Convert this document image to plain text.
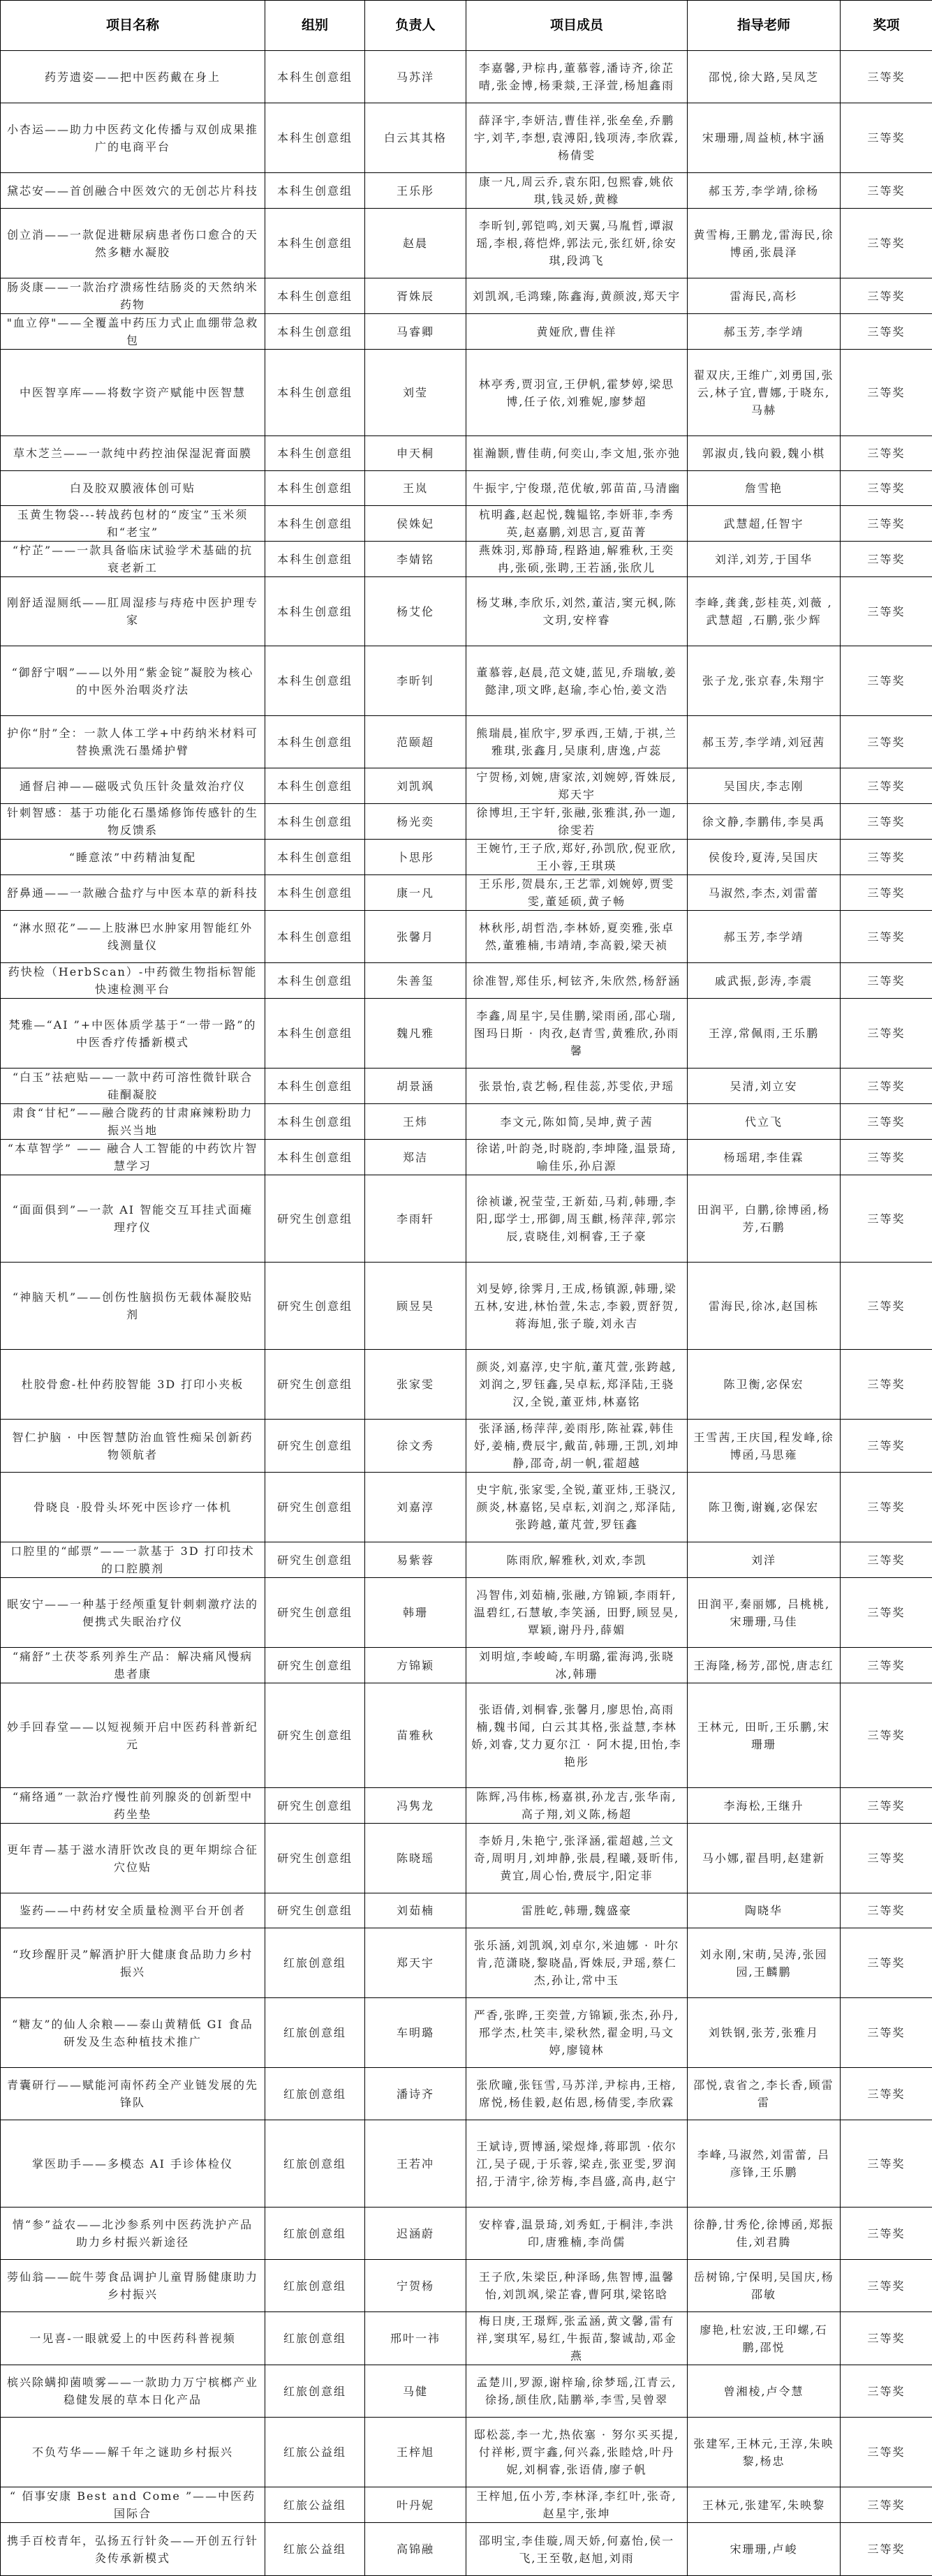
项目名称	组别	负责人	项目成员	指导老师	奖项
药芳遗姿——把中医药戴在身上	本科生创意组	马苏洋	李嘉馨,尹棕冉,董慕蓉,潘诗齐,徐芷晴,张金博,杨秉燚,王泽萱,杨旭鑫雨	邵悦,徐大路,吴凤芝	三等奖
小杏运——助力中医药文化传播与双创成果推广的电商平台	本科生创意组	白云其其格	薛泽宇,李妍洁,曹佳祥,张垒垒,乔鹏宇,刘芊,李想,袁溥阳,钱项涛,李欣霖,杨倩雯	宋珊珊,周益桢,林宇涵	三等奖
黛芯安——首创融合中医效穴的无创芯片科技	本科生创意组	王乐彤	康一凡,周云乔,袁东阳,包熙睿,姚依琪,钱灵娇,黄橼	郝玉芳,李学靖,徐杨	三等奖
创立消——一款促进糖尿病患者伤口愈合的天然多糖水凝胶	本科生创意组	赵晨	李昕钊,郭铠鸣,刘天翼,马胤哲,谭淑瑶,李根,蒋恺烨,郭法元,张红妍,徐安琪,段鸿飞	黄雪梅,王鹏龙,雷海民,徐博函,张晨泽	三等奖
肠炎康——一款治疗溃疡性结肠炎的天然纳米药物	本科生创意组	胥姝辰	刘凯飒,毛鸿臻,陈鑫海,黄颜波,郑天宇	雷海民,高杉	三等奖
"血立停"——全覆盖中药压力式止血绷带急救包	本科生创意组	马睿卿	黄娅欣,曹佳祥	郝玉芳,李学靖	三等奖
中医智享库——将数字资产赋能中医智慧	本科生创意组	刘莹	林亭秀,贾羽宣,王伊帆,霍梦婷,梁思博,任子依,刘雅妮,廖梦超	翟双庆,王维广,刘勇国,张云,林子宜,曹娜,于晓东,马赫	三等奖
草木芝兰——一款纯中药控油保湿泥膏面膜	本科生创意组	申天桐	崔瀚颢,曹佳萌,何奕山,李文旭,张亦弛	郭淑贞,钱向毅,魏小棋	三等奖
白及胶双膜液体创可贴	本科生创意组	王岚	牛振宇,宁俊璟,范优敏,郭苗苗,马清幽	詹雪艳	三等奖
玉黄生物袋---转战药包材的“废宝”玉米须和“老宝”	本科生创意组	侯姝妃	杭明鑫,赵起悦,魏韫铭,李妍菲,李秀英,赵嘉鹏,刘思言,夏苗菁	武慧超,任智宇	三等奖
“柠芷”——一款具备临床试验学术基础的抗衰老新工	本科生创意组	李婧铭	燕姝羽,郑静琦,程路迪,解雅秋,王奕冉,张硕,张聘,王若涵,张欣儿	刘洋,刘芳,于国华	三等奖
刚舒适湿厕纸——肛周湿疹与痔疮中医护理专家	本科生创意组	杨艾伦	杨艾琳,李欣乐,刘然,董洁,窦元枫,陈文玥,安梓睿	李峰,龚龚,彭桂英,刘薇 ,武慧超 ,石鹏,张少辉	三等奖
“御舒宁咽”——以外用“紫金锭”凝胶为核心的中医外治咽炎疗法	本科生创意组	李昕钊	董慕蓉,赵晨,范文婕,蓝见,乔瑞敏,姜懿津,项文晔,赵瑜,李心怡,姜文浩	张子龙,张京春,朱翔宇	三等奖
护你“肘”全：一款人体工学+中药纳米材料可替换熏洗石墨烯护臂	本科生创意组	范颐超	熊瑞晨,崔欣宇,罗承西,王婧,于祺,兰雅琪,张鑫月,吴康利,唐逸,卢蕊	郝玉芳,李学靖,刘冠茜	三等奖
通督启神——磁吸式负压针灸量效治疗仪	本科生创意组	刘凯飒	宁贺杨,刘婉,唐家浓,刘婉婷,胥姝辰,郑天宇	吴国庆,李志刚	三等奖
针刺智感：基于功能化石墨烯修饰传感针的生物反馈系	本科生创意组	杨光奕	徐博坦,王宇轩,张融,张雅淇,孙一迦,徐雯若	徐文静,李鹏伟,李昊禹	三等奖
“睡意浓”中药精油复配	本科生创意组	卜思彤	王婉竹,王子欣,郑好,孙凯欣,倪亚欣,王小蓉,王琪瑛	侯俊玲,夏涛,吴国庆	三等奖
舒鼻通——一款融合盐疗与中医本草的新科技	本科生创意组	康一凡	王乐彤,贺晨东,王艺霏,刘婉婷,贾雯雯,董延硕,黄子畅	马淑然,李杰,刘雷蕾	三等奖
“淋水照花”——上肢淋巴水肿家用智能红外线测量仪	本科生创意组	张馨月	林秋彤,胡哲浩,李林娇,夏奕雅,张卓然,董雅楠,韦靖靖,李高毅,梁天祯	郝玉芳,李学靖	三等奖
药快检（HerbScan）-中药微生物指标智能快速检测平台	本科生创意组	朱善玺	徐准智,郑佳乐,柯铉齐,朱欣然,杨舒涵	戚武振,彭涛,李震	三等奖
梵雅—“AI ”+中医体质学基于“一带一路”的中医香疗传播新模式	本科生创意组	魏凡雅	李鑫,周星宇,吴佳鹏,梁雨函,邵心瑞,图玛日斯 · 肉孜,赵青雪,黄雅欣,孙雨馨	王淳,常佩雨,王乐鹏	三等奖
“白玉”祛疤贴——一款中药可溶性微针联合硅酮凝胶	本科生创意组	胡景涵	张景怡,袁艺畅,程佳蕊,苏雯依,尹瑶	吴清,刘立安	三等奖
肃食“甘杞”——融合陇药的甘肃麻辣粉助力振兴当地	本科生创意组	王炜	李文元,陈如简,吴坤,黄子茜	代立飞	三等奖
“本草智学” —— 融合人工智能的中药饮片智慧学习	本科生创意组	郑洁	徐诺,叶韵尧,时晓韵,李坤隆,温景琦,喻佳乐,孙启源	杨瑶珺,李佳霖	三等奖
“面面俱到”—一款 AI 智能交互耳挂式面瘫理疗仪	研究生创意组	李雨轩	徐祯谦,祝莹莹,王新茹,马莉,韩珊,李阳,邸学士,邢御,周玉麒,杨萍萍,郭宗辰,袁晓佳,刘桐睿,王子豪	田润平, 白鹏,徐博函,杨芳,石鹏	三等奖
“神脑天机”——创伤性脑损伤无载体凝胶贴剂	研究生创意组	顾昱昊	刘旻婷,徐霁月,王成,杨镇源,韩珊,梁五林,安进,林怡萱,朱志,李毅,贾舒贺,蒋海旭,张子璇,刘永吉	雷海民,徐冰,赵国栋	三等奖
杜胶骨愈-杜仲药胶智能 3D 打印小夹板	研究生创意组	张家雯	颜炎,刘嘉淳,史宇航,董芃萱,张跨越,刘润之,罗钰鑫,吴卓耘,郑泽陆,王骁汉,全锐,董亚炜,林嘉铭	陈卫衡,宓保宏	三等奖
智仁护脑 · 中医智慧防治血管性痴呆创新药物领航者	研究生创意组	徐文秀	张泽涵,杨萍萍,姜雨彤,陈祉霖,韩佳妤,姜楠,费辰宇,戴苗,韩珊,王凯,刘坤静,邵奇,胡一帆,霍超越	王雪茜,王庆国,程发峰,徐博函,马思雍	三等奖
骨晓良 ·股骨头坏死中医诊疗一体机	研究生创意组	刘嘉淳	史宇航,张家雯,全锐,董亚炜,王骁汉,颜炎,林嘉铭,吴卓耘,刘润之,郑泽陆,张跨越,董芃萱,罗钰鑫	陈卫衡,谢巍,宓保宏	三等奖
口腔里的“邮票”——一款基于 3D 打印技术的口腔膜剂	研究生创意组	易紫蓉	陈雨欣,解雅秋,刘欢,李凯	刘洋	三等奖
眠安宁——一种基于经颅重复针刺刺激疗法的便携式失眠治疗仪	研究生创意组	韩珊	冯智伟,刘茹楠,张融,方锦颖,李雨轩,温碧红,石慧敏,李笑涵, 田野,顾昱昊,覃颖,谢丹丹,薛媚	田润平,秦丽娜, 吕桃桃,宋珊珊,马佳	三等奖
“痛舒”土茯苓系列养生产品：解决痛风慢病患者康	研究生创意组	方锦颖	刘明煊,李峻崎,车明璐,霍海鸿,张晓冰,韩珊	王海隆,杨芳,邵悦,唐志红	三等奖
妙手回春堂——以短视频开启中医药科普新纪元	研究生创意组	苗雅秋	张语倩,刘桐睿,张馨月,廖思怡,高雨楠,魏书闻, 白云其其格,张益慧,李林娇,刘睿,艾力夏尔江 · 阿木提,田怡,李艳彤	王林元, 田昕,王乐鹏,宋珊珊	三等奖
“痛络通”一款治疗慢性前列腺炎的创新型中药坐垫	研究生创意组	冯隽龙	陈辉,冯伟栋,杨嘉祺,孙龙吉,张华南,高子翔,刘义陈,杨超	李海松,王继升	三等奖
更年青—基于滋水清肝饮改良的更年期综合征穴位贴	研究生创意组	陈晓瑶	李娇月,朱艳宁,张泽涵,霍超越,兰文奇,周明月,刘坤静,张晨,程曦,聂昕伟,黄宜,周心怡,费辰宇,阳定菲	马小娜,翟昌明,赵建新	三等奖
鉴药——中药材安全质量检测平台开创者	研究生创意组	刘茹楠	雷胜屹,韩珊,魏盛豪	陶晓华	三等奖
“玫珍醒肝灵”解酒护肝大健康食品助力乡村振兴	红旅创意组	郑天宇	张乐涵,刘凯飒,刘卓尔,米迪娜 · 叶尔肯,范潇晓,黎晓晶,胥姝辰,尹瑶,蔡仁杰,孙让,常中玉	刘永刚,宋萌,吴涛,张园园,王麟鹏	三等奖
“糖友”的仙人余粮——泰山黄精低 GI 食品研发及生态种植技术推广	红旅创意组	车明璐	严香,张晔,王奕萱,方锦颖,张杰,孙丹,邢学杰,杜笑丰,梁秋然,翟金明,马文婷,廖镜林	刘铁钢,张芳,张雅月	三等奖
青囊研行——赋能河南怀药全产业链发展的先锋队	红旅创意组	潘诗齐	张欣曈,张钰雪,马苏洋,尹棕冉,王榕,席悦,杨佳毅,赵佑恩,杨倩雯,李欣霖	邵悦,袁省之,李长香,顾雷雷	三等奖
掌医助手——多模态 AI 手诊体检仪	红旅创意组	王若冲	王斌诗,贾博涵,梁煜烽,蒋耶凯 ·依尔江,吴子砚,于乐蓉,梁垚,张亚雯,罗润招,于清宇,徐芳梅,李昌盛,高冉,赵宁	李峰,马淑然,刘雷蕾, 吕彦锋,王乐鹏	三等奖
情“参”益农——北沙参系列中医药洗护产品助力乡村振兴新途径	红旅创意组	迟涵蔚	安梓睿,温景琦,刘秀虹,于桐沣,李洪印,唐雅楠,李尚儒	徐静,甘秀伦,徐博函,郑振佳,刘君腾	三等奖
蒡仙翁——皖牛蒡食品调护儿童胃肠健康助力乡村振兴	红旅创意组	宁贺杨	王子欣,朱梁臣,种泽旸,焦智博,温馨怡,刘凯飒,梁芷睿,曹阿琪,梁铭晗	岳树锦,宁保明,吴国庆,杨邵敏	三等奖
一见喜-一眼就爱上的中医药科普视频	红旅创意组	邢叶一祎	梅日庚,王璟辉,张孟涵,黄文馨,雷有祥,窦琪军,易红,牛振苗,黎诚劼,邓金燕	廖艳,杜宏波,王印螺,石鹏,邵悦	三等奖
槟兴除螨抑菌喷雾——一款助力万宁槟榔产业稳健发展的草本日化产品	红旅创意组	马健	孟楚川,罗源,谢梓瑜,徐梦瑶,江青云,徐扬,颉佳欣,陆鹏举,李雪,吴曾翠	曾湘棱,卢令慧	三等奖
不负芍华——解千年之谜助乡村振兴	红旅公益组	王梓旭	邸松蕊,李一尤,热依塞 · 努尔买买提,付祥彬,贾宇鑫,何兴淼,张睦焓,叶丹妮,刘桐睿,张语倩,廖子帆	张建军,王林元,王淳,朱映黎,杨忠	三等奖
“ 佰事安康 Best and Come ”——中医药国际合	红旅公益组	叶丹妮	王梓旭,伍小芳,李林泽,李红叶,张奇,赵星宇,张坤	王林元,张建军,朱映黎	三等奖
携手百校青年，弘扬五行针灸——开创五行针灸传承新模式	红旅公益组	高锦融	邵明宝,李佳璇,周天娇,何嘉怡,侯一飞,王至敬,赵旭,刘雨	宋珊珊,卢峻	三等奖
